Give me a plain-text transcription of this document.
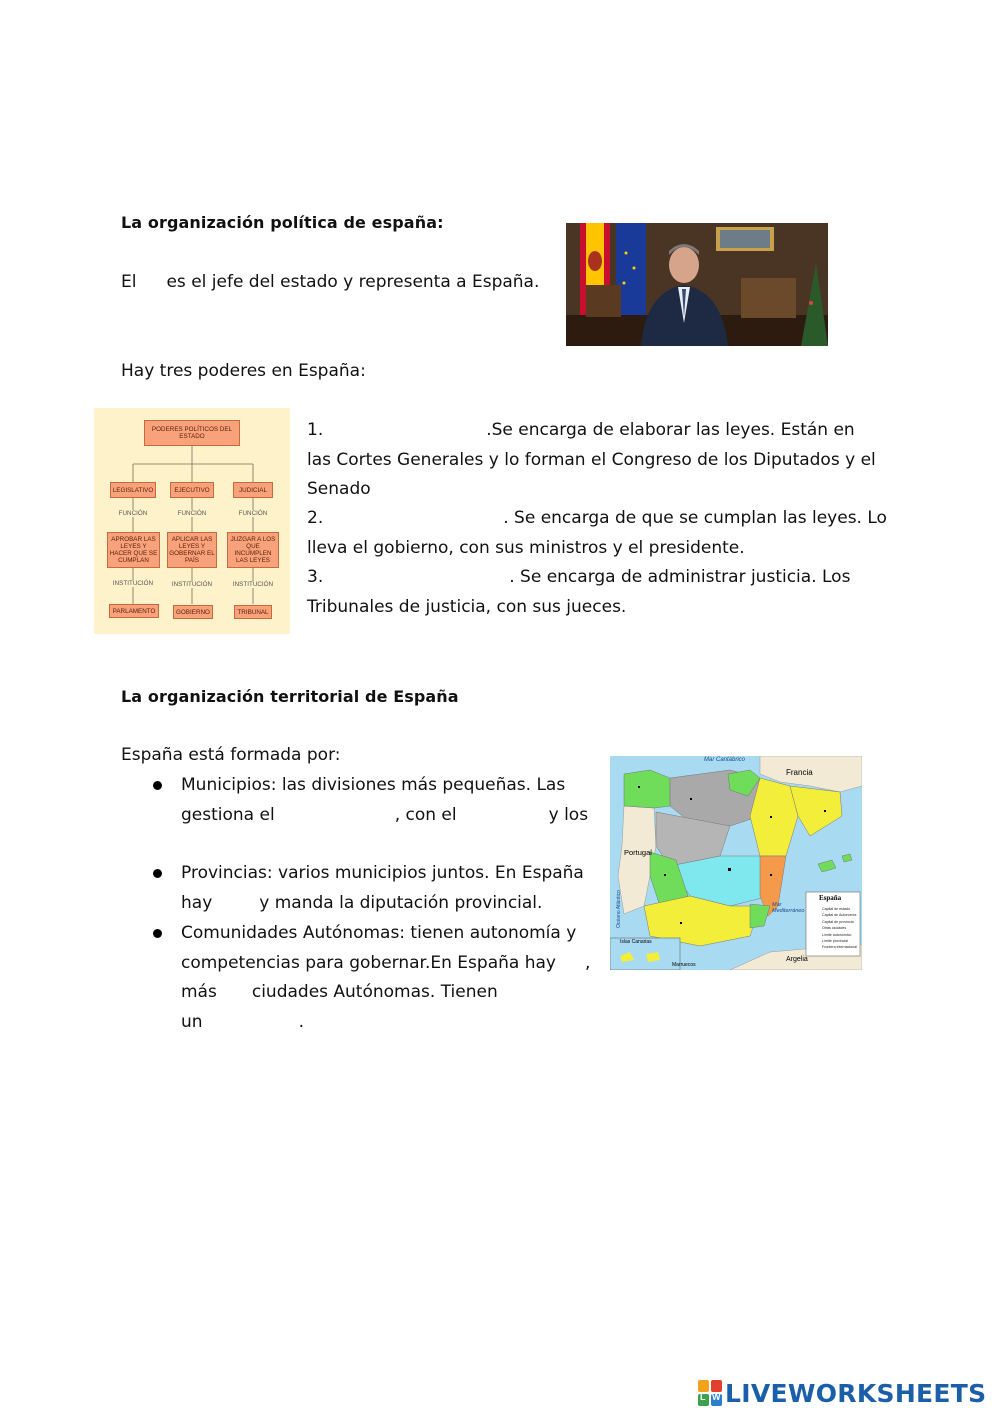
La organización política de españa:
El es el jefe del estado y representa a España.
Hay tres poderes en España:
PODERES POLÍTICOS DEL ESTADO
LEGISLATIVO	EJECUTIVO	JUDICIAL
FUNCIÓN	FUNCIÓN	FUNCIÓN
APROBAR LAS LEYES Y HACER QUE SE CUMPLAN
APLICAR LAS LEYES Y GOBERNAR EL PAÍS
JUZGAR A LOS QUE INCUMPLEN LAS LEYES
INSTITUCIÓN	INSTITUCIÓN	INSTITUCIÓN
PARLAMENTO	GOBIERNO	TRIBUNAL
1.	.Se encarga de elaborar las leyes. Están en
las Cortes Generales y lo forman el Congreso de los Diputados y el
Senado
2.	. Se encarga de que se cumplan las leyes. Lo
lleva el gobierno, con sus ministros y el presidente.
3.	. Se encarga de administrar justicia. Los
Tribunales de justicia, con sus jueces.
La organización territorial de España
España está formada por:
Municipios: las divisiones más pequeñas. Las
gestiona el	, con el	y los
Provincias: varios municipios juntos. En España
hay	y manda la diputación provincial.
Comunidades Autónomas: tienen autonomía y
competencias para gobernar.En España hay ,
más ciudades Autónomas. Tienen
un	.
Mar Cantábrico
Francia
Portugal
Océano Atlántico	Mar Mediterráneo
Argelia
Islas Canarias
Marruecos
España
Capital de estado
Capital de Autonomía
Capital de provincia
Otras ciudades
Límite autonómico
Límite provincial
Frontera internacional
L W LIVEWORKSHEETS
